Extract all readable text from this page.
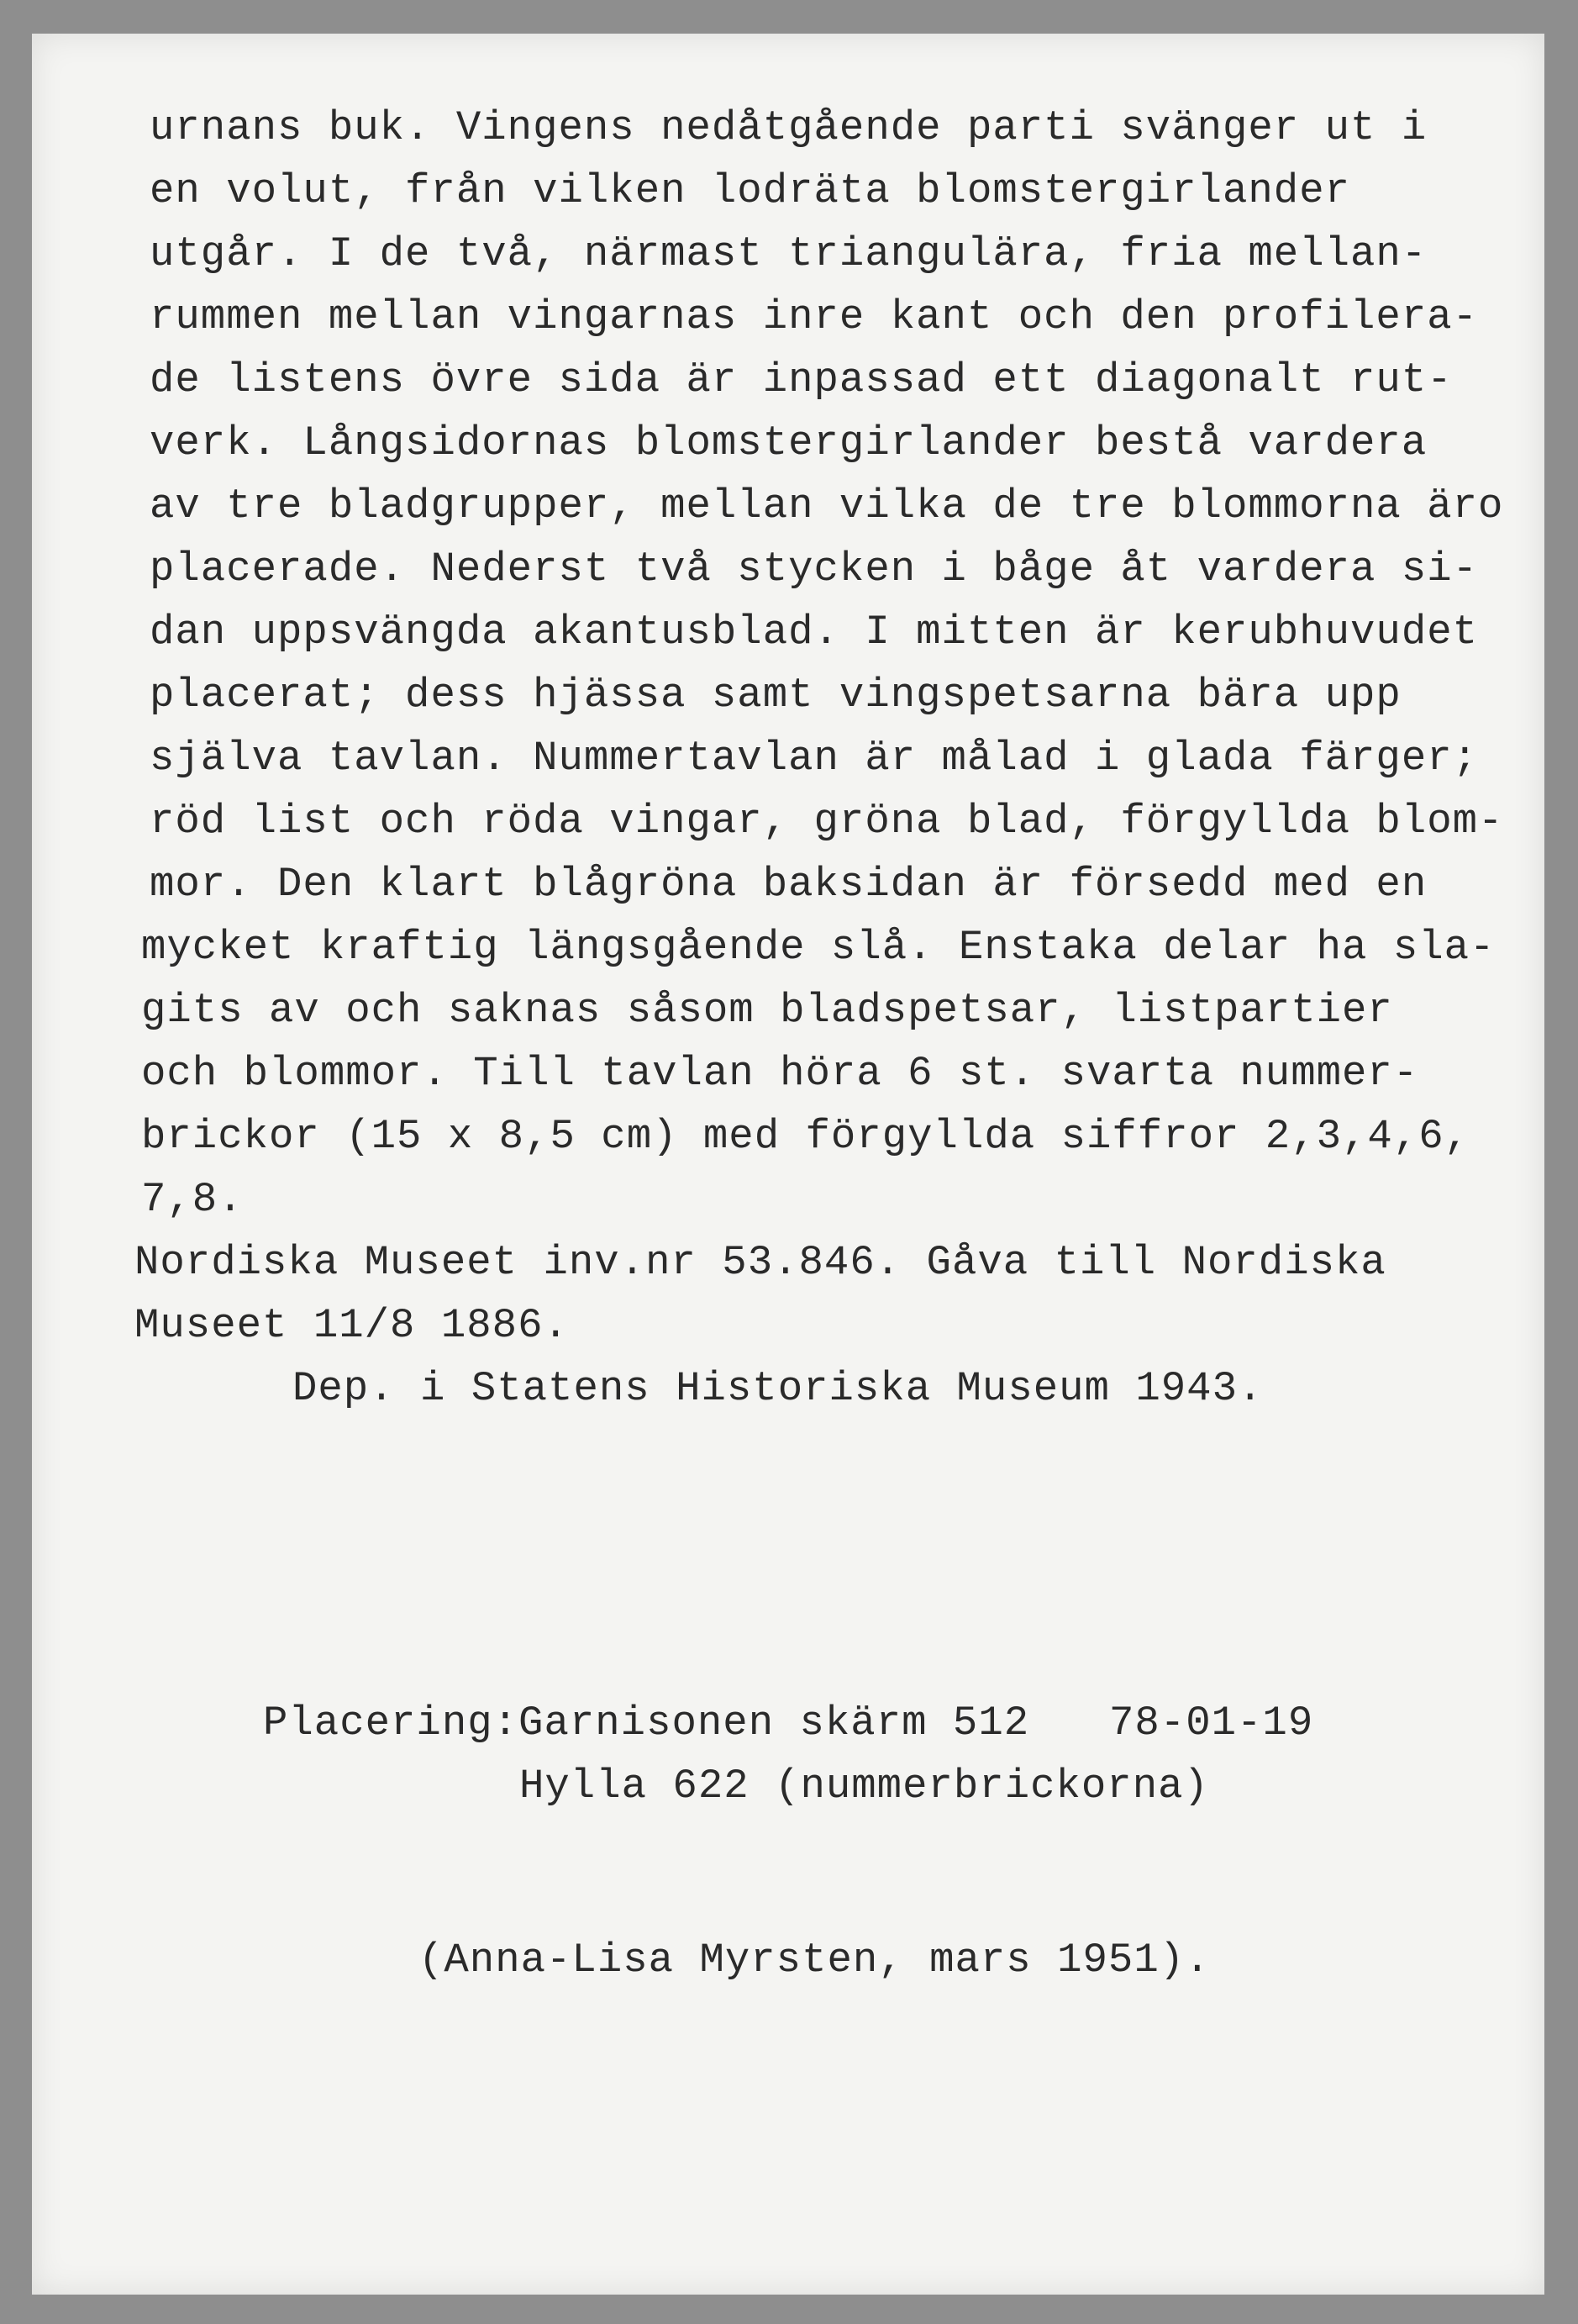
urnans buk. Vingens nedåtgående parti svänger ut i
en volut, från vilken lodräta blomstergirlander
utgår. I de två, närmast triangulära, fria mellan-
rummen mellan vingarnas inre kant och den profilera-
de listens övre sida är inpassad ett diagonalt rut-
verk. Långsidornas blomstergirlander bestå vardera
av tre bladgrupper, mellan vilka de tre blommorna äro
placerade. Nederst två stycken i båge åt vardera si-
dan uppsvängda akantusblad. I mitten är kerubhuvudet
placerat; dess hjässa samt vingspetsarna bära upp
själva tavlan. Nummertavlan är målad i glada färger;
röd list och röda vingar, gröna blad, förgyllda blom-
mor. Den klart blågröna baksidan är försedd med en
mycket kraftig längsgående slå. Enstaka delar ha sla-
gits av och saknas såsom bladspetsar, listpartier
och blommor. Till tavlan höra 6 st. svarta nummer-
brickor (15 x 8,5 cm) med förgyllda siffror 2,3,4,6,
7,8.
Nordiska Museet inv.nr 53.846. Gåva till Nordiska
Museet 11/8 1886.
Dep. i Statens Historiska Museum 1943.
Placering:Garnisonen skärm 512 78-01-19
Hylla 622 (nummerbrickorna)
(Anna-Lisa Myrsten, mars 1951).
